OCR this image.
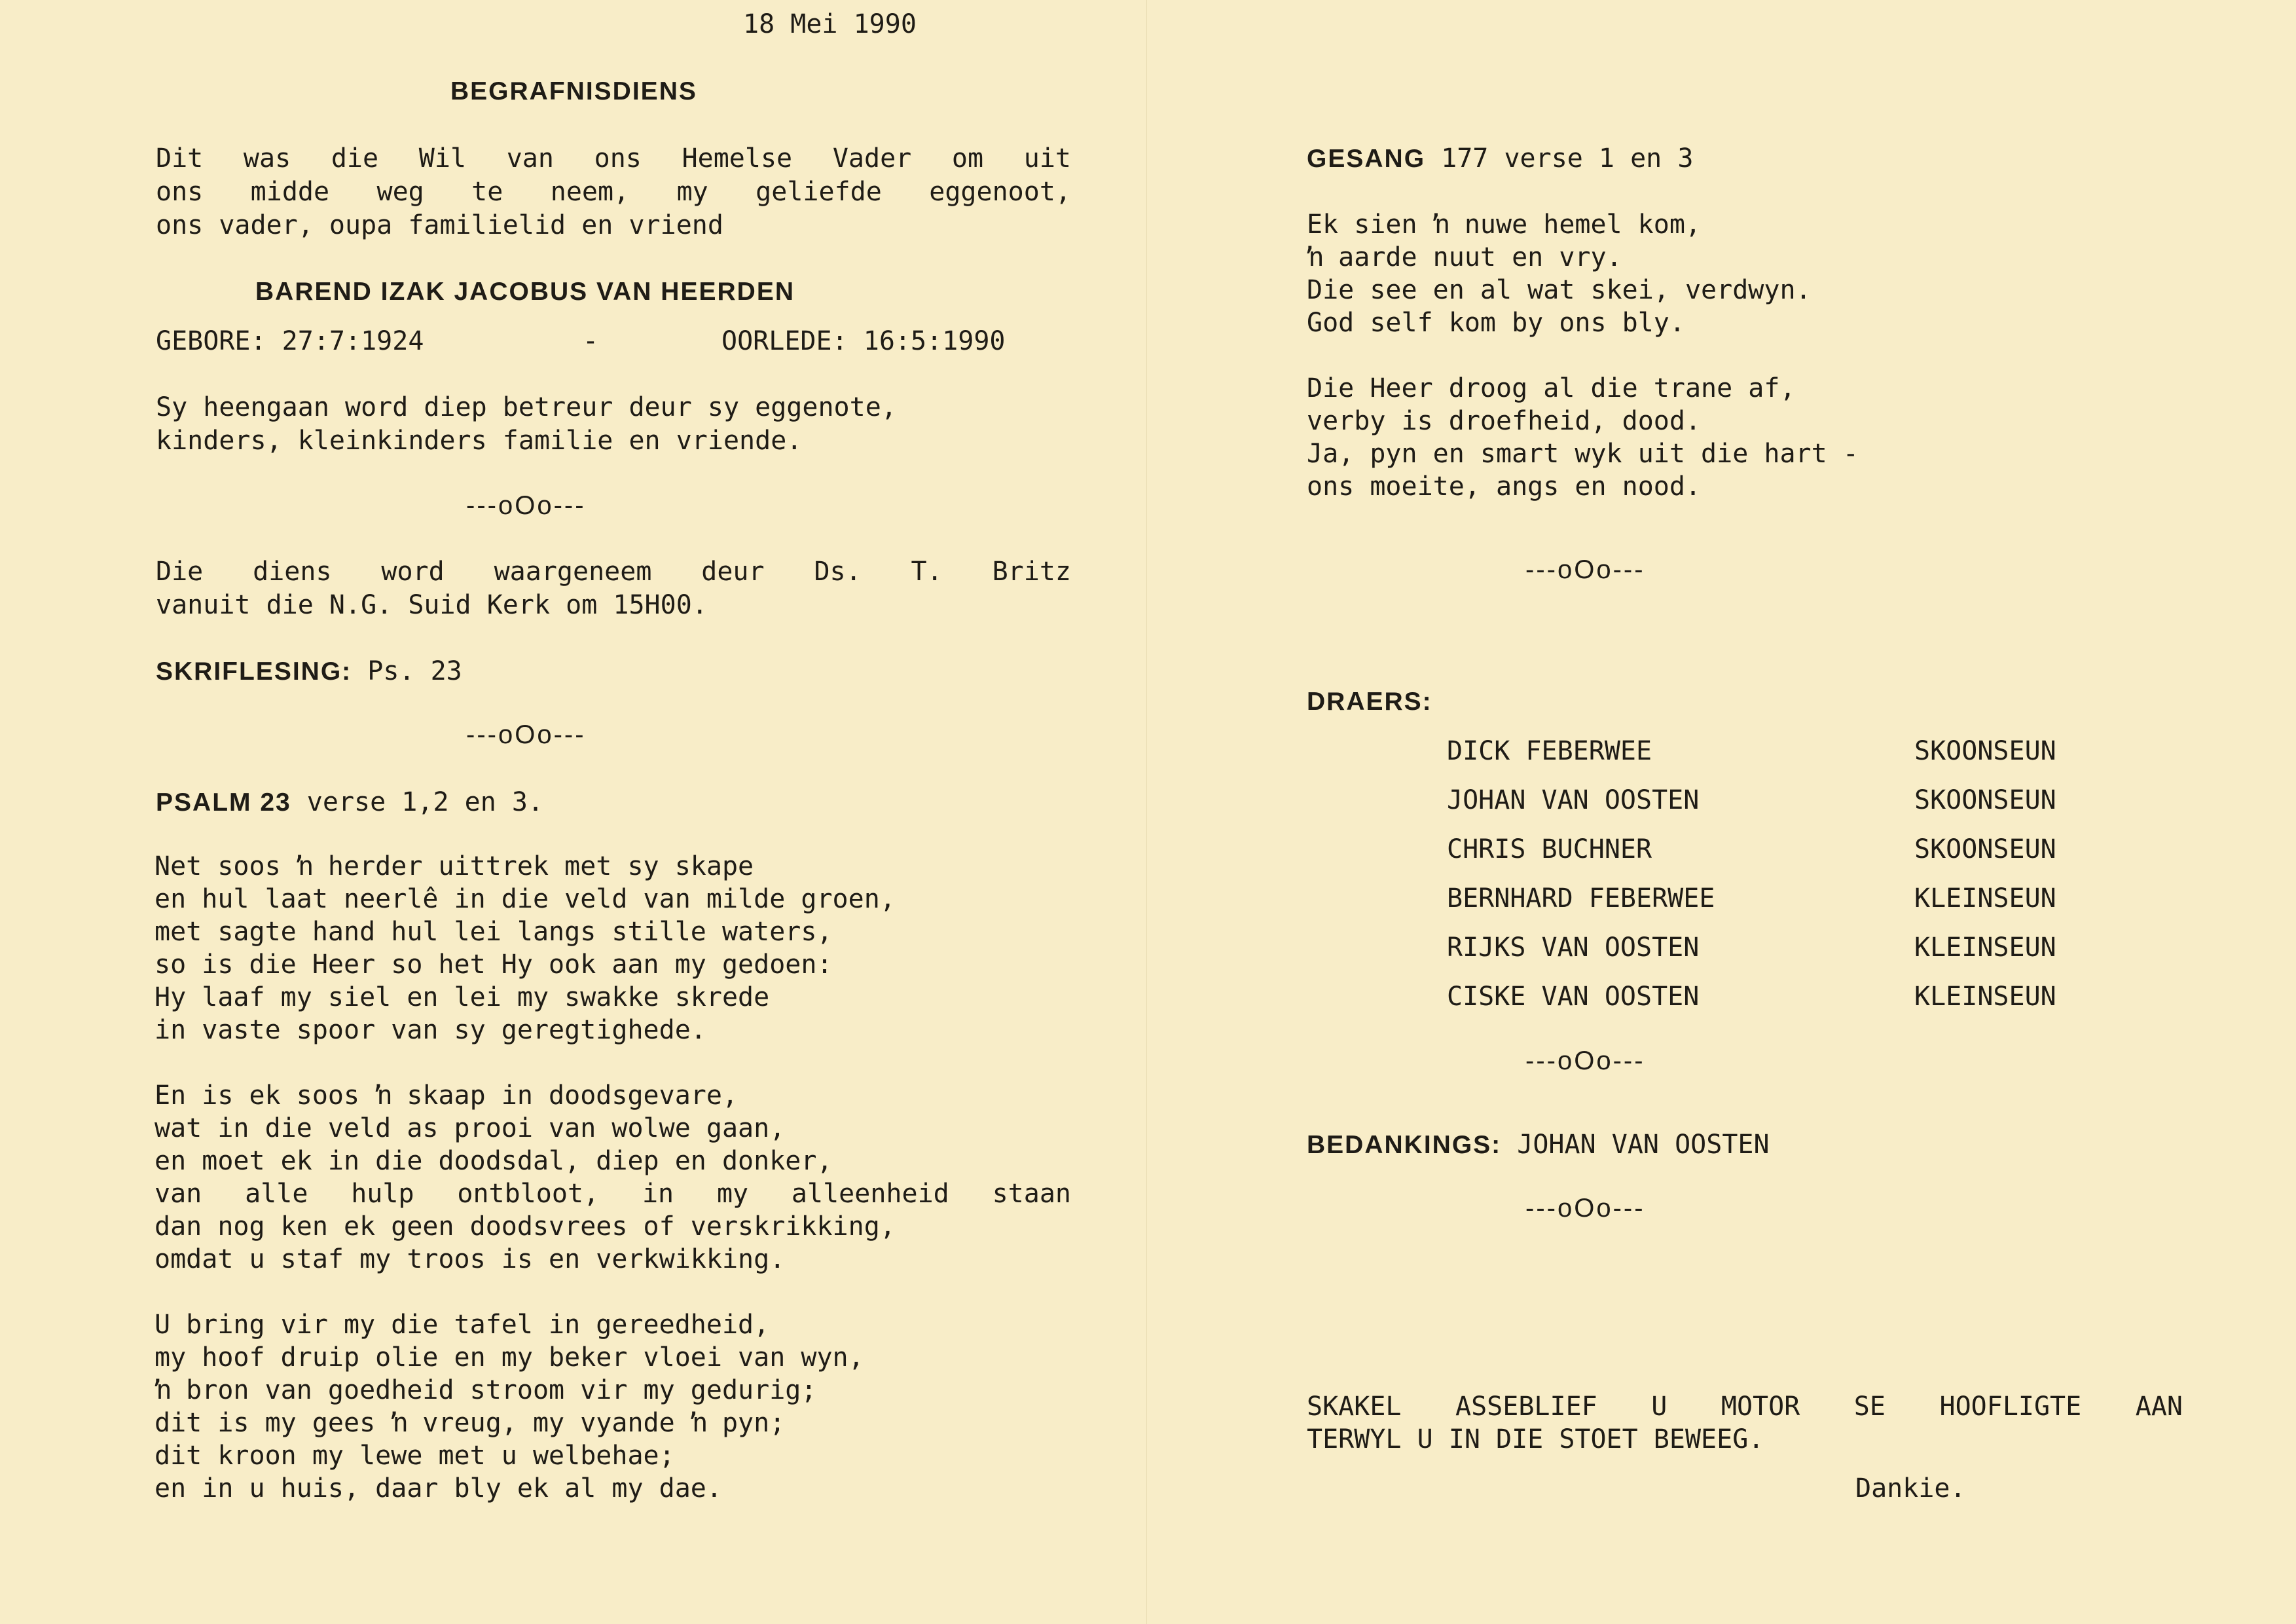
18 Mei 1990
BEGRAFNISDIENS
Dit was die Wil van ons Hemelse Vader om uit
ons midde weg te neem, my geliefde eggenoot,
ons vader, oupa familielid en vriend
BAREND IZAK JACOBUS VAN HEERDEN
GEBORE: 27:7:1924	-	OORLEDE: 16:5:1990
Sy heengaan word diep betreur deur sy eggenote,
kinders, kleinkinders familie en vriende.
---oOo---
Die diens word waargeneem deur Ds. T. Britz
vanuit die N.G. Suid Kerk om 15H00.
SKRIFLESING: Ps. 23
---oOo---
PSALM 23 verse 1,2 en 3.
Net soos ŉ herder uittrek met sy skape
en hul laat neerlê in die veld van milde groen,
met sagte hand hul lei langs stille waters,
so is die Heer so het Hy ook aan my gedoen:
Hy laaf my siel en lei my swakke skrede
in vaste spoor van sy geregtighede.
En is ek soos ŉ skaap in doodsgevare,
wat in die veld as prooi van wolwe gaan,
en moet ek in die doodsdal, diep en donker,
van alle hulp ontbloot, in my alleenheid staan
dan nog ken ek geen doodsvrees of verskrikking,
omdat u staf my troos is en verkwikking.
U bring vir my die tafel in gereedheid,
my hoof druip olie en my beker vloei van wyn,
ŉ bron van goedheid stroom vir my gedurig;
dit is my gees ŉ vreug, my vyande ŉ pyn;
dit kroon my lewe met u welbehae;
en in u huis, daar bly ek al my dae.
GESANG 177 verse 1 en 3
Ek sien ŉ nuwe hemel kom,
ŉ aarde nuut en vry.
Die see en al wat skei, verdwyn.
God self kom by ons bly.
Die Heer droog al die trane af,
verby is droefheid, dood.
Ja, pyn en smart wyk uit die hart -
ons moeite, angs en nood.
---oOo---
DRAERS:
DICK FEBERWEE	SKOONSEUN
JOHAN VAN OOSTEN	SKOONSEUN
CHRIS BUCHNER	SKOONSEUN
BERNHARD FEBERWEE	KLEINSEUN
RIJKS VAN OOSTEN	KLEINSEUN
CISKE VAN OOSTEN	KLEINSEUN
---oOo---
BEDANKINGS: JOHAN VAN OOSTEN
---oOo---
SKAKEL ASSEBLIEF U MOTOR SE HOOFLIGTE AAN
TERWYL U IN DIE STOET BEWEEG.
Dankie.
